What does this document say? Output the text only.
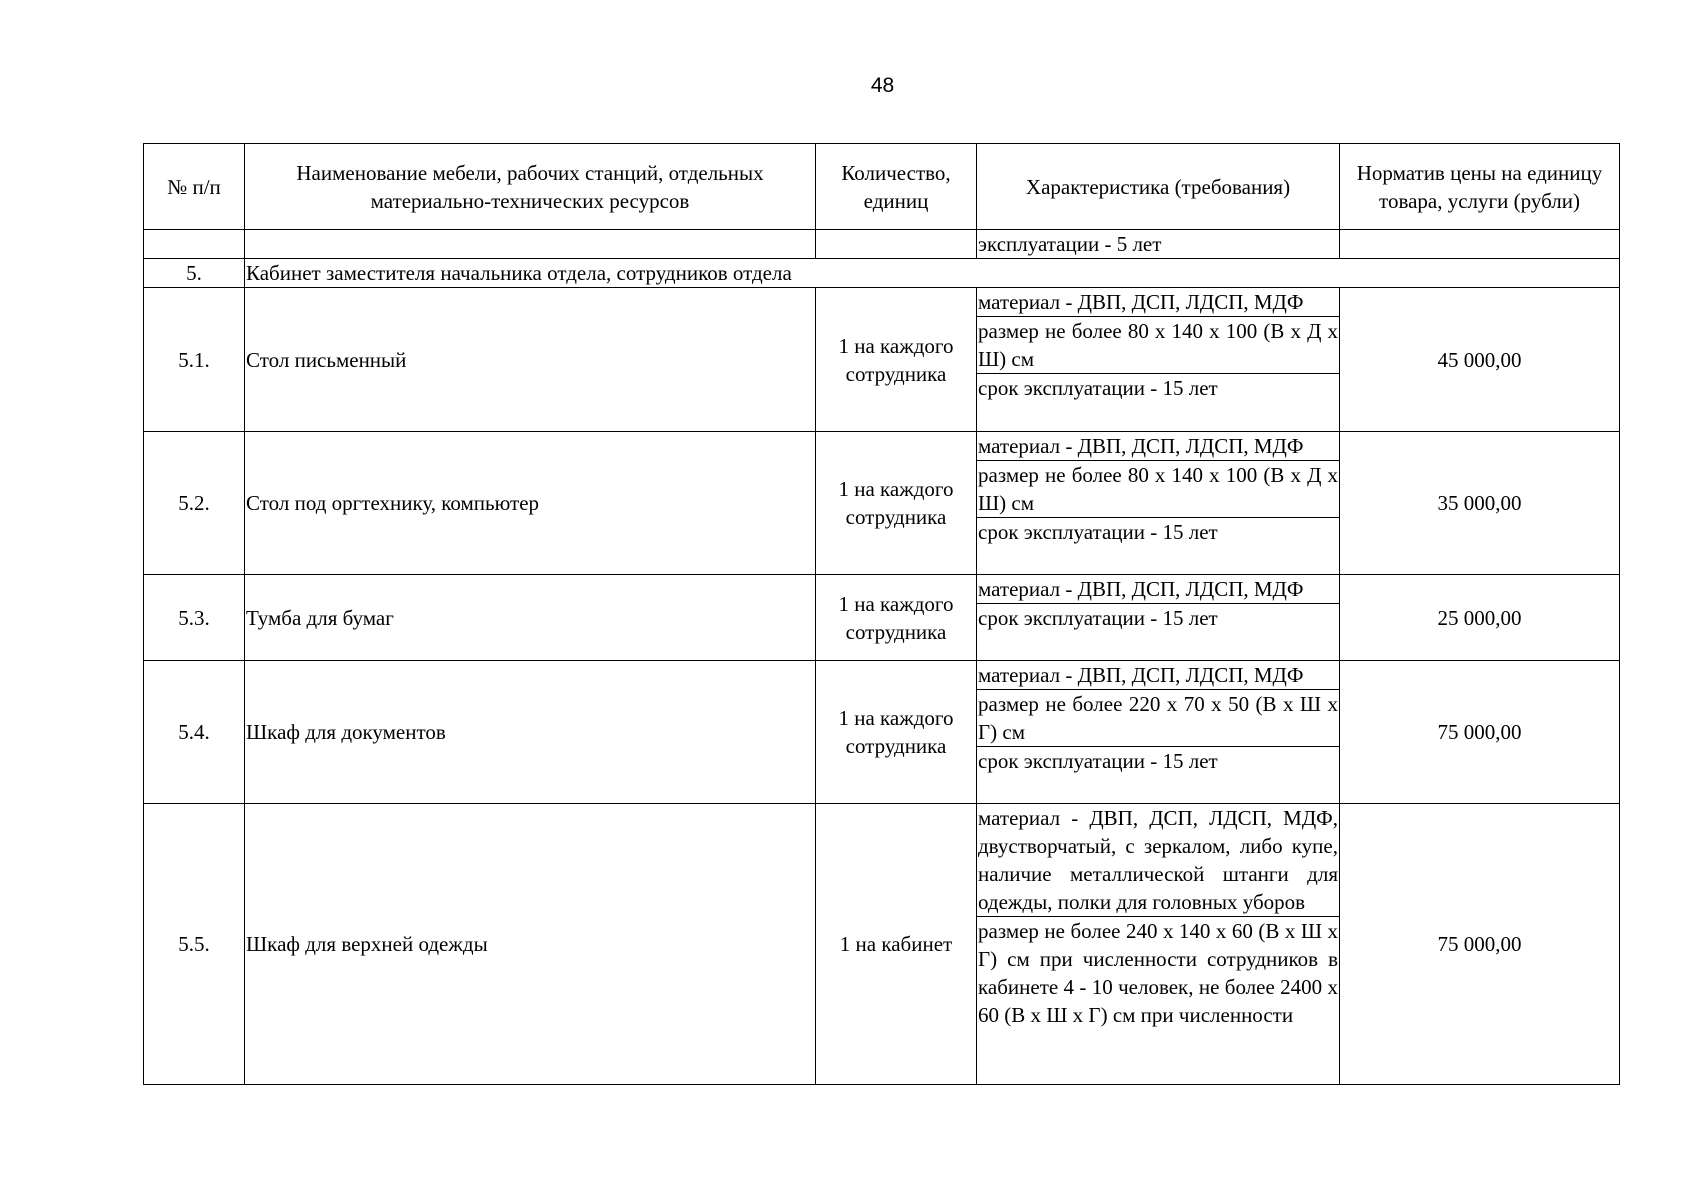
48
№ п/п	Наименование мебели, рабочих станций, отдельных материально-технических ресурсов	Количество, единиц	Характеристика (требования)	Норматив цены на единицу товара, услуги (рубли)

			эксплуатации - 5 лет	

5.	Кабинет заместителя начальника отдела, сотрудников отдела			
5.1.	Стол письменный	1 на каждого сотрудника	материал - ДВП, ДСП, ЛДСП, МДФ
размер не более 80 х 140 х 100 (В х Д х Ш) см
срок эксплуатации - 15 лет	45 000,00
5.2.	Стол под оргтехнику, компьютер	1 на каждого сотрудника	материал - ДВП, ДСП, ЛДСП, МДФ
размер не более 80 х 140 х 100 (В х Д х Ш) см
срок эксплуатации - 15 лет	35 000,00
5.3.	Тумба для бумаг	1 на каждого сотрудника	материал - ДВП, ДСП, ЛДСП, МДФ
срок эксплуатации - 15 лет	25 000,00
5.4.	Шкаф для документов	1 на каждого сотрудника	материал - ДВП, ДСП, ЛДСП, МДФ
размер не более 220 х 70 х 50 (В х Ш х Г) см
срок эксплуатации - 15 лет	75 000,00
5.5.	Шкаф для верхней одежды	1 на кабинет	материал - ДВП, ДСП, ЛДСП, МДФ, двустворчатый, с зеркалом, либо купе, наличие металлической штанги для одежды, полки для головных уборов
размер не более 240 х 140 х 60 (В х Ш х Г) см при численности сотрудников в кабинете 4 - 10 человек, не более 2400 х 60 (В х Ш х Г) см при численности	75 000,00
